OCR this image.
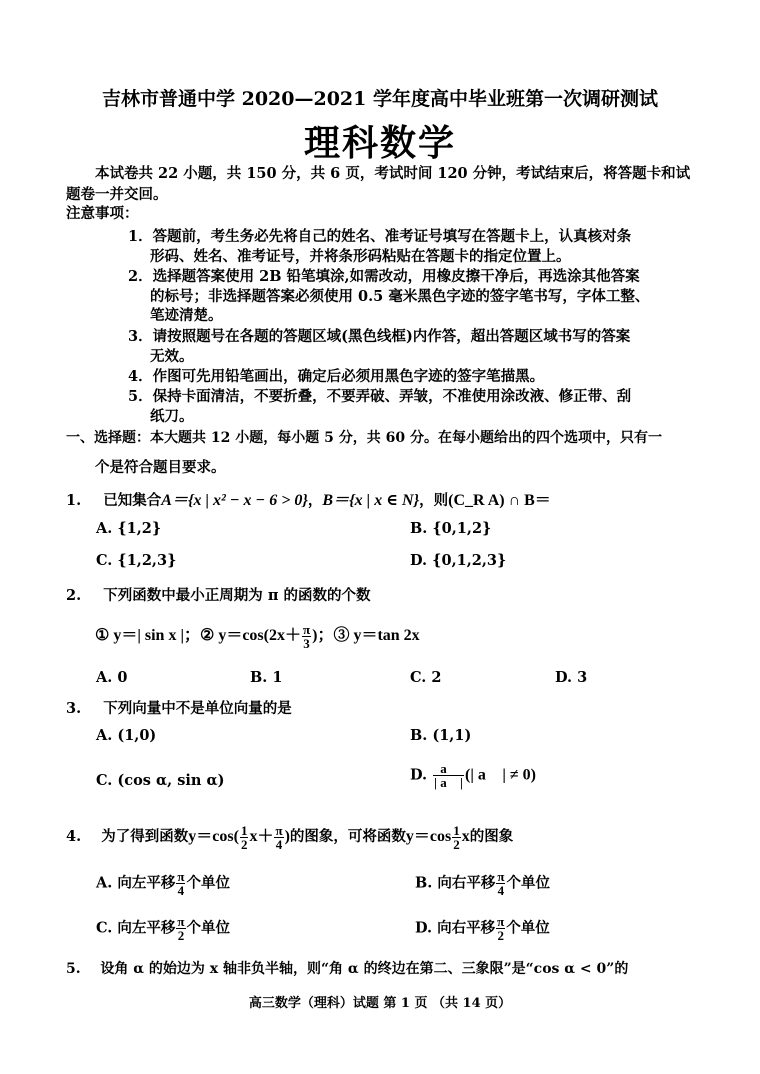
吉林市普通中学 2020—2021 学年度高中毕业班第一次调研测试
理科数学
本试卷共 22 小题，共 150 分，共 6 页，考试时间 120 分钟，考试结束后，将答题卡和试
题卷一并交回。
注意事项：
1．答题前，考生务必先将自己的姓名、准考证号填写在答题卡上，认真核对条
形码、姓名、准考证号，并将条形码粘贴在答题卡的指定位置上。
2．选择题答案使用 2B 铅笔填涂,如需改动，用橡皮擦干净后，再选涂其他答案
的标号；非选择题答案必须使用 0.5 毫米黑色字迹的签字笔书写，字体工整、
笔迹清楚。
3．请按照题号在各题的答题区域(黑色线框)内作答，超出答题区域书写的答案
无效。
4．作图可先用铅笔画出，确定后必须用黑色字迹的签字笔描黑。
5．保持卡面清洁，不要折叠，不要弄破、弄皱，不准使用涂改液、修正带、刮
纸刀。
一、选择题：本大题共 12 小题，每小题 5 分，共 60 分。在每小题给出的四个选项中，只有一
个是符合题目要求。
1. 已知集合A＝{x | x² − x − 6 > 0}，B＝{x | x ∈ N}，则(C_R A) ∩ B＝
A. {1,2}	B. {0,1,2}
C. {1,2,3}	D. {0,1,2,3}
2. 下列函数中最小正周期为 π 的函数的个数
① y＝| sin x |；② $y=\cos(2x+ \frac{\pi}{3}$ )；③ y＝tan 2x
A. 0	B. 1	C. 2	D. 3
3. 下列向量中不是单位向量的是
A. (1,0)	B. (1,1)
C. (cos α, sin α)	D. $\frac{a⃗}{| a⃗ |}$ (| a⃗ | ≠ 0)
4. 为了得到函数$y=\cos( \frac{1}{2} x+ \frac{\pi}{4}$ )的图象，可将函数$y=\cos \frac{1}{2}$ x的图象
A. 向左平移 $\frac{\pi}{4}$ 个单位	B. 向右平移 $\frac{\pi}{4}$ 个单位
C. 向左平移 $\frac{\pi}{2}$ 个单位	D. 向右平移 $\frac{\pi}{2}$ 个单位
5. 设角 α 的始边为 x 轴非负半轴，则“角 α 的终边在第二、三象限”是“cos α < 0”的
高三数学（理科）试题 第 1 页 （共 14 页）
